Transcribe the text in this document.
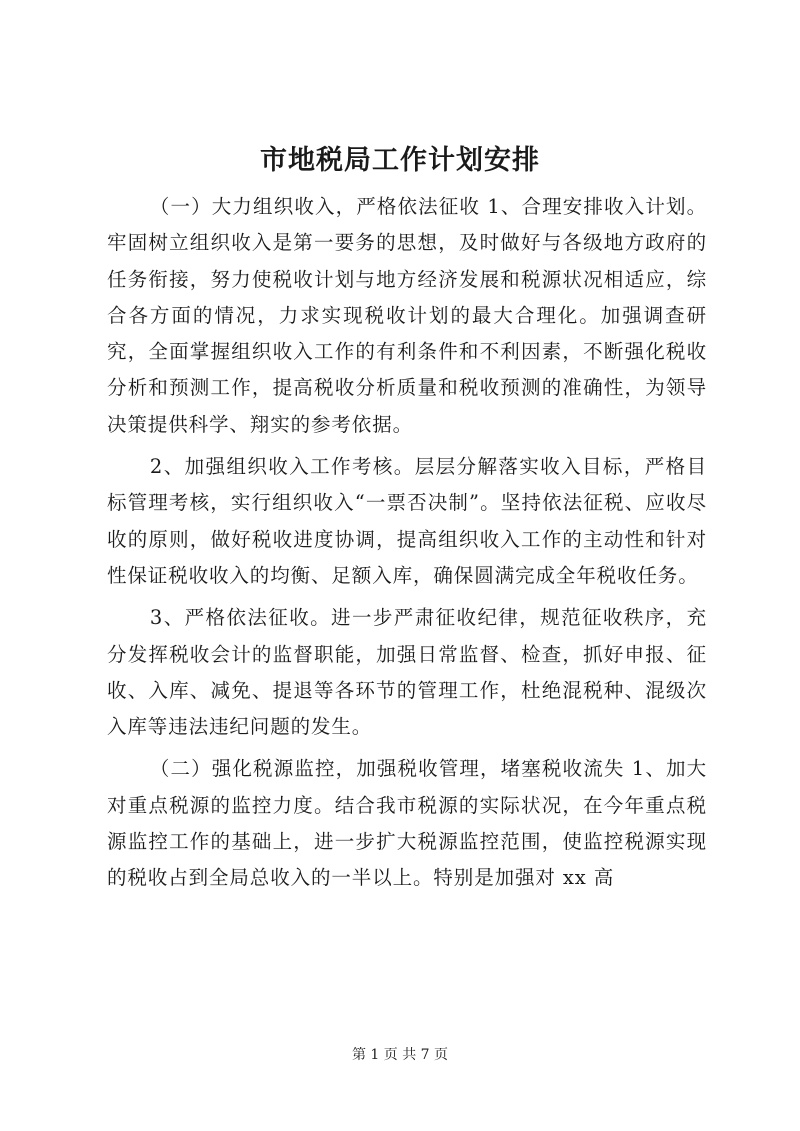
市地税局工作计划安排

（一）大力组织收入，严格依法征收 1、合理安排收入计划。牢固树立组织收入是第一要务的思想，及时做好与各级地方政府的任务衔接，努力使税收计划与地方经济发展和税源状况相适应，综合各方面的情况，力求实现税收计划的最大合理化。加强调查研究，全面掌握组织收入工作的有利条件和不利因素，不断强化税收分析和预测工作，提高税收分析质量和税收预测的准确性，为领导决策提供科学、翔实的参考依据。

2、加强组织收入工作考核。层层分解落实收入目标，严格目标管理考核，实行组织收入“一票否决制”。坚持依法征税、应收尽收的原则，做好税收进度协调，提高组织收入工作的主动性和针对性保证税收收入的均衡、足额入库，确保圆满完成全年税收任务。

3、严格依法征收。进一步严肃征收纪律，规范征收秩序，充分发挥税收会计的监督职能，加强日常监督、检查，抓好申报、征收、入库、减免、提退等各环节的管理工作，杜绝混税种、混级次入库等违法违纪问题的发生。

（二）强化税源监控，加强税收管理，堵塞税收流失 1、加大对重点税源的监控力度。结合我市税源的实际状况，在今年重点税源监控工作的基础上，进一步扩大税源监控范围，使监控税源实现的税收占到全局总收入的一半以上。特别是加强对 xx 高

第 1 页 共 7 页
